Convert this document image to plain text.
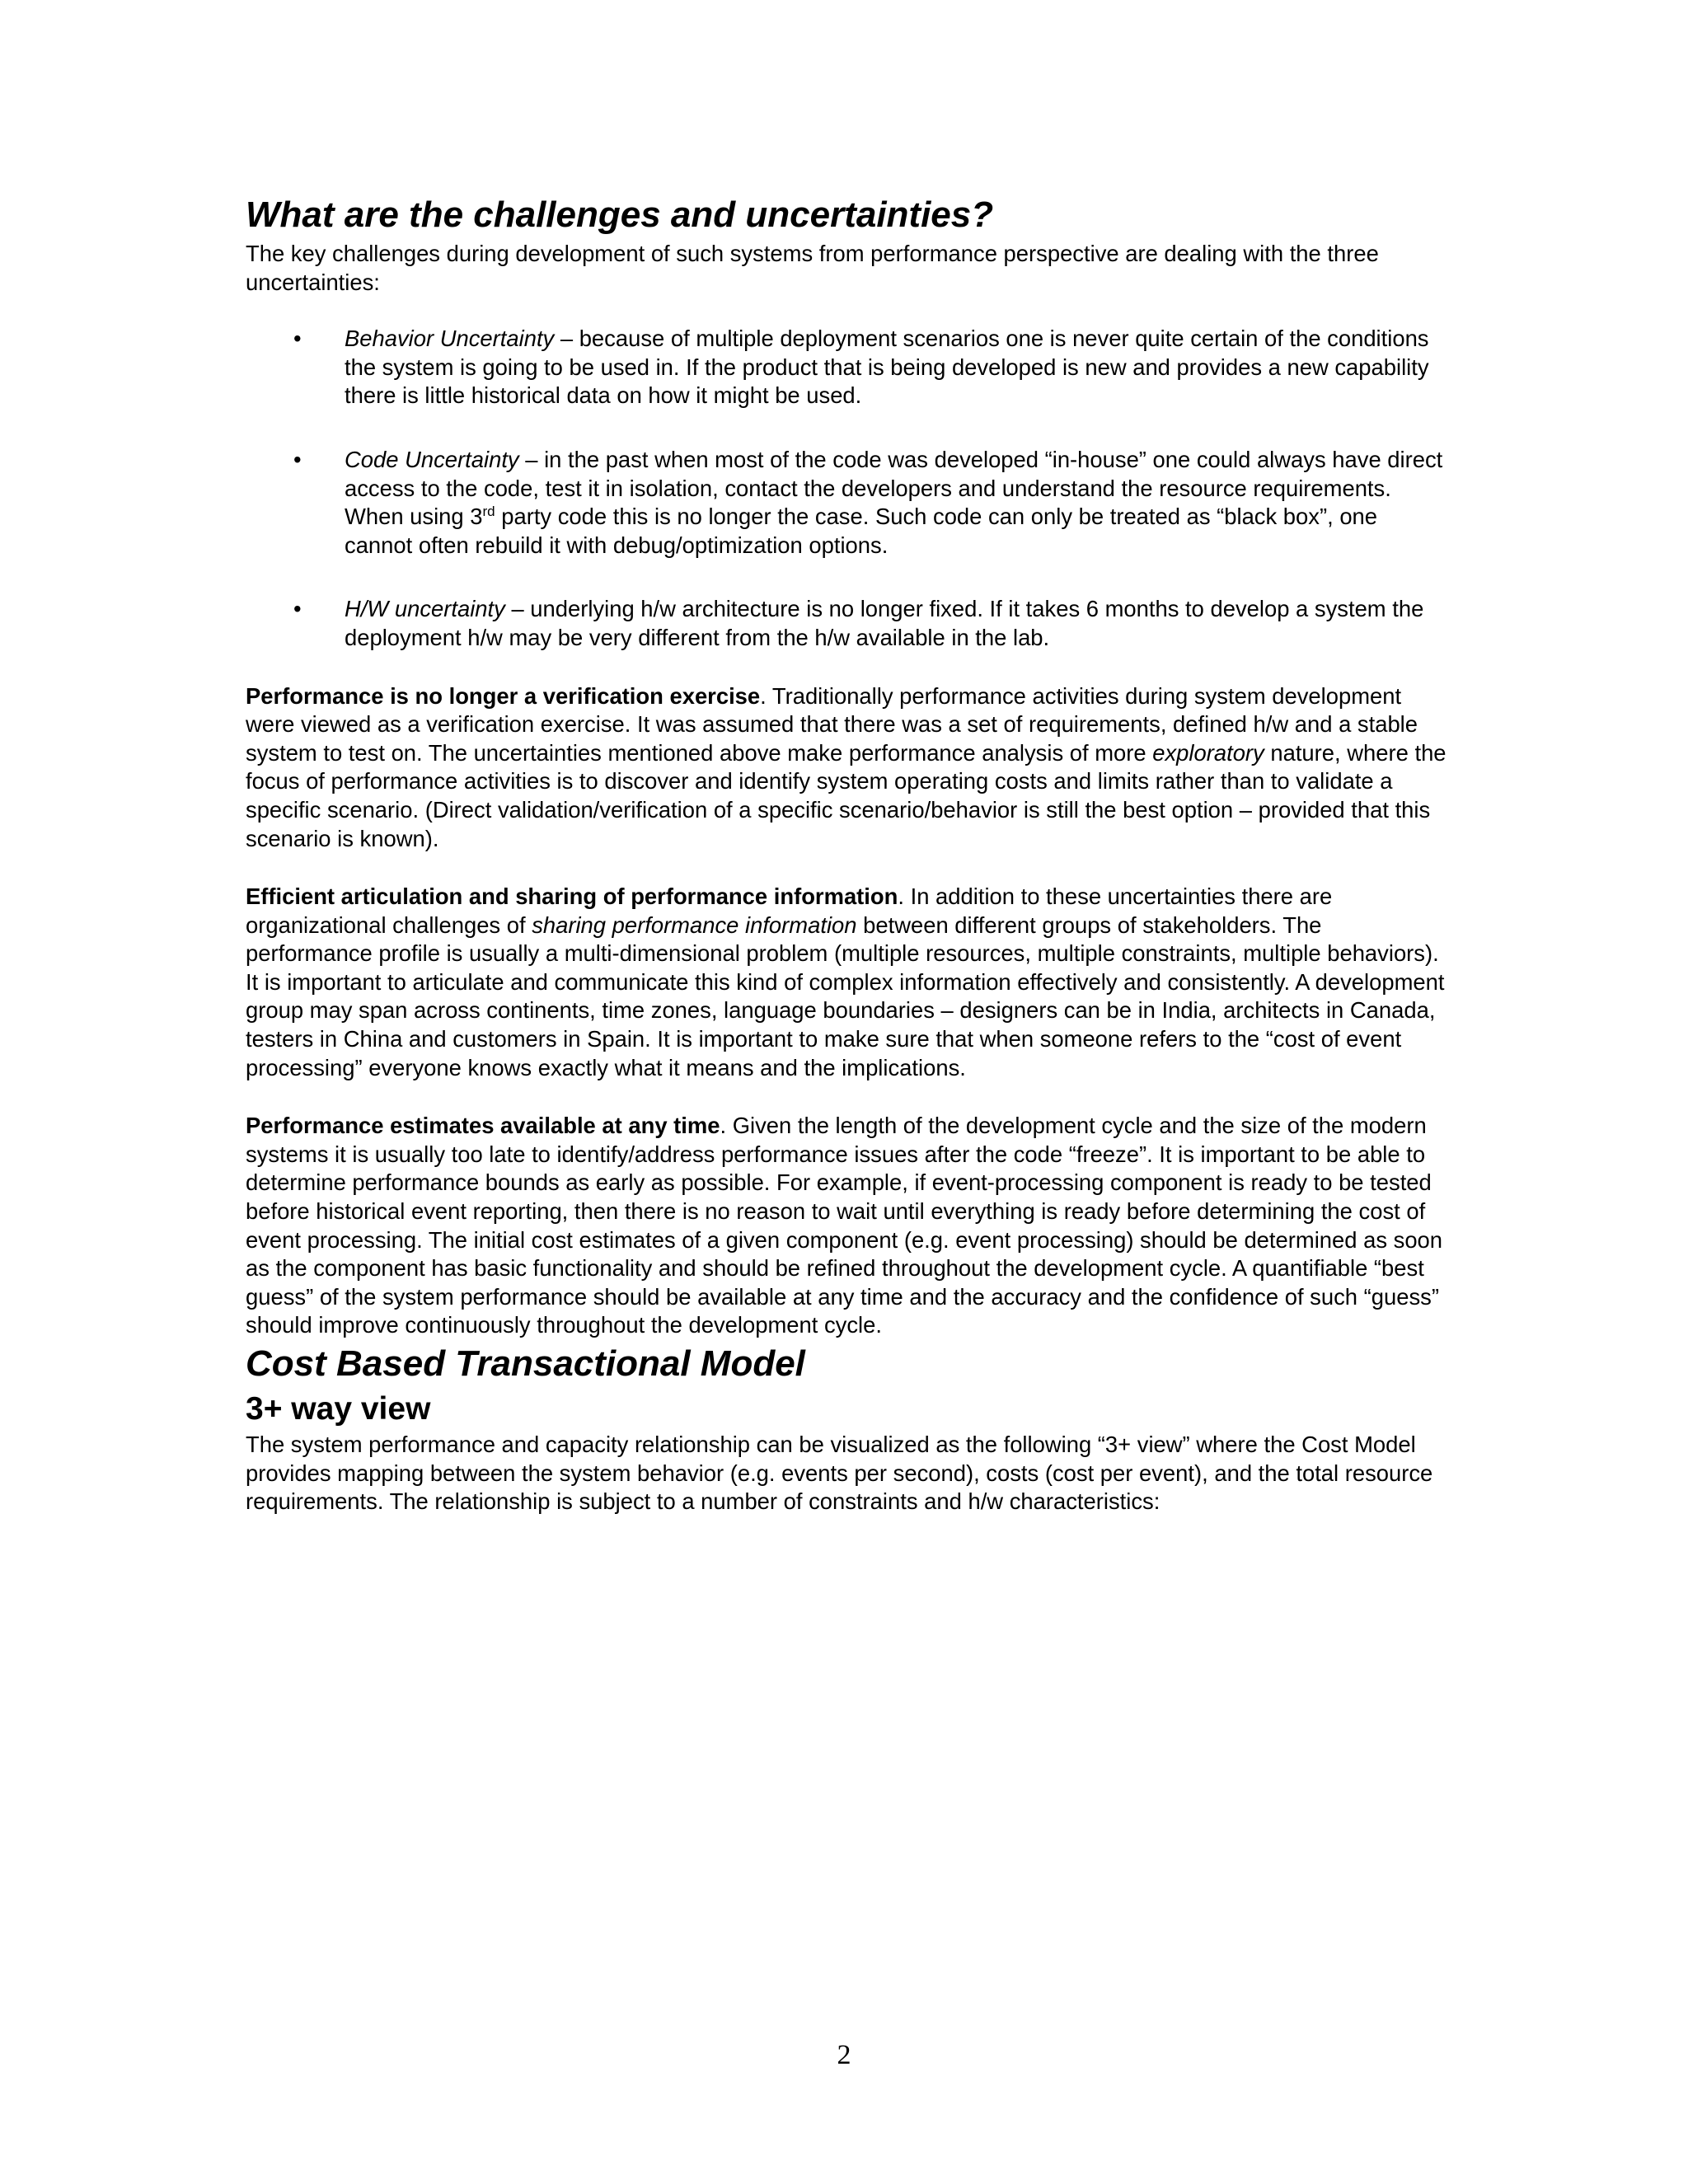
What are the challenges and uncertainties?

The key challenges during development of such systems from performance perspective are dealing with the three uncertainties:

• Behavior Uncertainty – because of multiple deployment scenarios one is never quite certain of the conditions the system is going to be used in. If the product that is being developed is new and provides a new capability there is little historical data on how it might be used.
• Code Uncertainty – in the past when most of the code was developed “in-house” one could always have direct access to the code, test it in isolation, contact the developers and understand the resource requirements. When using 3rd party code this is no longer the case. Such code can only be treated as “black box”, one cannot often rebuild it with debug/optimization options.
• H/W uncertainty – underlying h/w architecture is no longer fixed. If it takes 6 months to develop a system the deployment h/w may be very different from the h/w available in the lab.

Performance is no longer a verification exercise. Traditionally performance activities during system development were viewed as a verification exercise. It was assumed that there was a set of requirements, defined h/w and a stable system to test on. The uncertainties mentioned above make performance analysis of more exploratory nature, where the focus of performance activities is to discover and identify system operating costs and limits rather than to validate a specific scenario. (Direct validation/verification of a specific scenario/behavior is still the best option – provided that this scenario is known).

Efficient articulation and sharing of performance information. In addition to these uncertainties there are organizational challenges of sharing performance information between different groups of stakeholders. The performance profile is usually a multi-dimensional problem (multiple resources, multiple constraints, multiple behaviors). It is important to articulate and communicate this kind of complex information effectively and consistently. A development group may span across continents, time zones, language boundaries – designers can be in India, architects in Canada, testers in China and customers in Spain. It is important to make sure that when someone refers to the “cost of event processing” everyone knows exactly what it means and the implications.

Performance estimates available at any time. Given the length of the development cycle and the size of the modern systems it is usually too late to identify/address performance issues after the code “freeze”. It is important to be able to determine performance bounds as early as possible. For example, if event-processing component is ready to be tested before historical event reporting, then there is no reason to wait until everything is ready before determining the cost of event processing. The initial cost estimates of a given component (e.g. event processing) should be determined as soon as the component has basic functionality and should be refined throughout the development cycle. A quantifiable “best guess” of the system performance should be available at any time and the accuracy and the confidence of such “guess” should improve continuously throughout the development cycle.

Cost Based Transactional Model
3+ way view

The system performance and capacity relationship can be visualized as the following “3+ view” where the Cost Model provides mapping between the system behavior (e.g. events per second), costs (cost per event), and the total resource requirements. The relationship is subject to a number of constraints and h/w characteristics:

2
